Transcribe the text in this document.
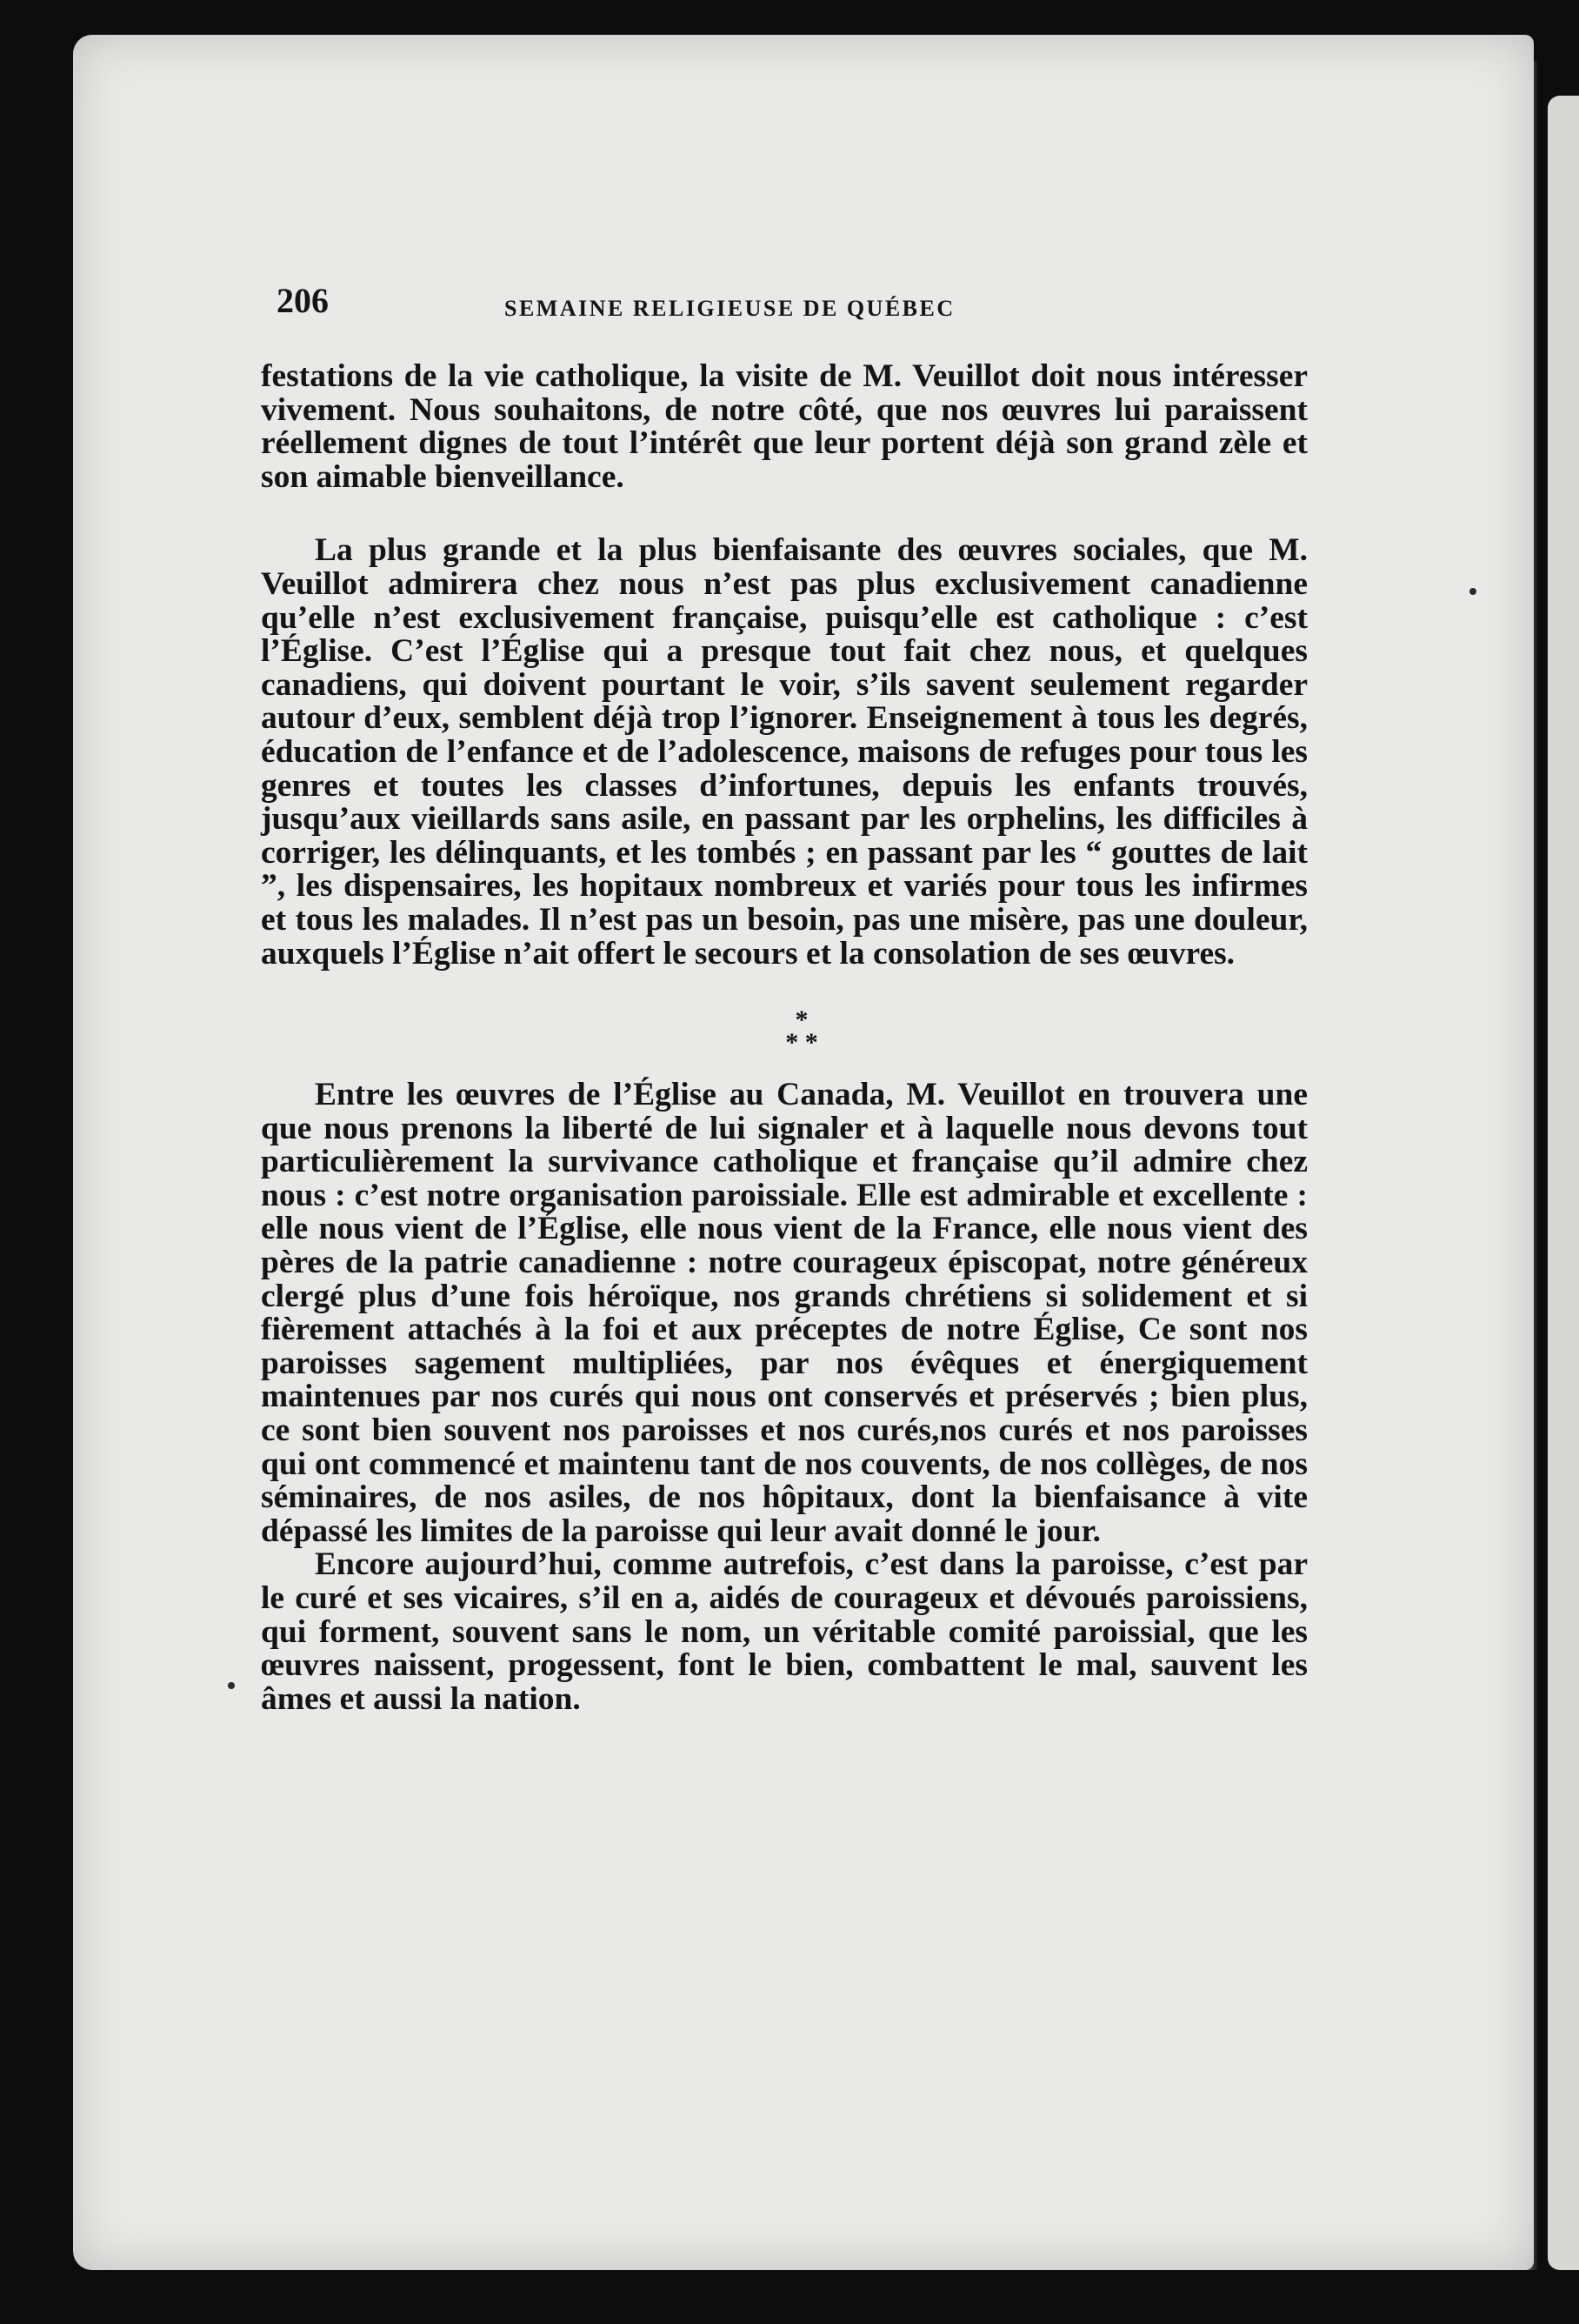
206	SEMAINE RELIGIEUSE DE QUÉBEC

festations de la vie catholique, la visite de M. Veuillot doit nous intéresser vivement. Nous souhaitons, de notre côté, que nos œuvres lui paraissent réellement dignes de tout l’intérêt que leur portent déjà son grand zèle et son aimable bienveillance.

La plus grande et la plus bienfaisante des œuvres sociales, que M. Veuillot admirera chez nous n’est pas plus exclusivement canadienne qu’elle n’est exclusivement française, puisqu’elle est catholique : c’est l’Église. C’est l’Église qui a presque tout fait chez nous, et quelques canadiens, qui doivent pourtant le voir, s’ils savent seulement regarder autour d’eux, semblent déjà trop l’ignorer. Enseignement à tous les degrés, éducation de l’enfance et de l’adolescence, maisons de refuges pour tous les genres et toutes les classes d’infortunes, depuis les enfants trouvés, jusqu’aux vieillards sans asile, en passant par les orphelins, les difficiles à corriger, les délinquants, et les tombés ; en passant par les “ gouttes de lait ”, les dispensaires, les hopitaux nombreux et variés pour tous les infirmes et tous les malades. Il n’est pas un besoin, pas une misère, pas une douleur, auxquels l’Église n’ait offert le secours et la consolation de ses œuvres.

*
* *

Entre les œuvres de l’Église au Canada, M. Veuillot en trouvera une que nous prenons la liberté de lui signaler et à laquelle nous devons tout particulièrement la survivance catholique et française qu’il admire chez nous : c’est notre organisation paroissiale. Elle est admirable et excellente : elle nous vient de l’Église, elle nous vient de la France, elle nous vient des pères de la patrie canadienne : notre courageux épiscopat, notre généreux clergé plus d’une fois héroïque, nos grands chrétiens si solidement et si fièrement attachés à la foi et aux préceptes de notre Église, Ce sont nos paroisses sagement multipliées, par nos évêques et énergiquement maintenues par nos curés qui nous ont conservés et préservés ; bien plus, ce sont bien souvent nos paroisses et nos curés,nos curés et nos paroisses qui ont commencé et maintenu tant de nos couvents, de nos collèges, de nos séminaires, de nos asiles, de nos hôpitaux, dont la bienfaisance à vite dépassé les limites de la paroisse qui leur avait donné le jour.

Encore aujourd’hui, comme autrefois, c’est dans la paroisse, c’est par le curé et ses vicaires, s’il en a, aidés de courageux et dévoués paroissiens, qui forment, souvent sans le nom, un véritable comité paroissial, que les œuvres naissent, progessent, font le bien, combattent le mal, sauvent les âmes et aussi la nation.
